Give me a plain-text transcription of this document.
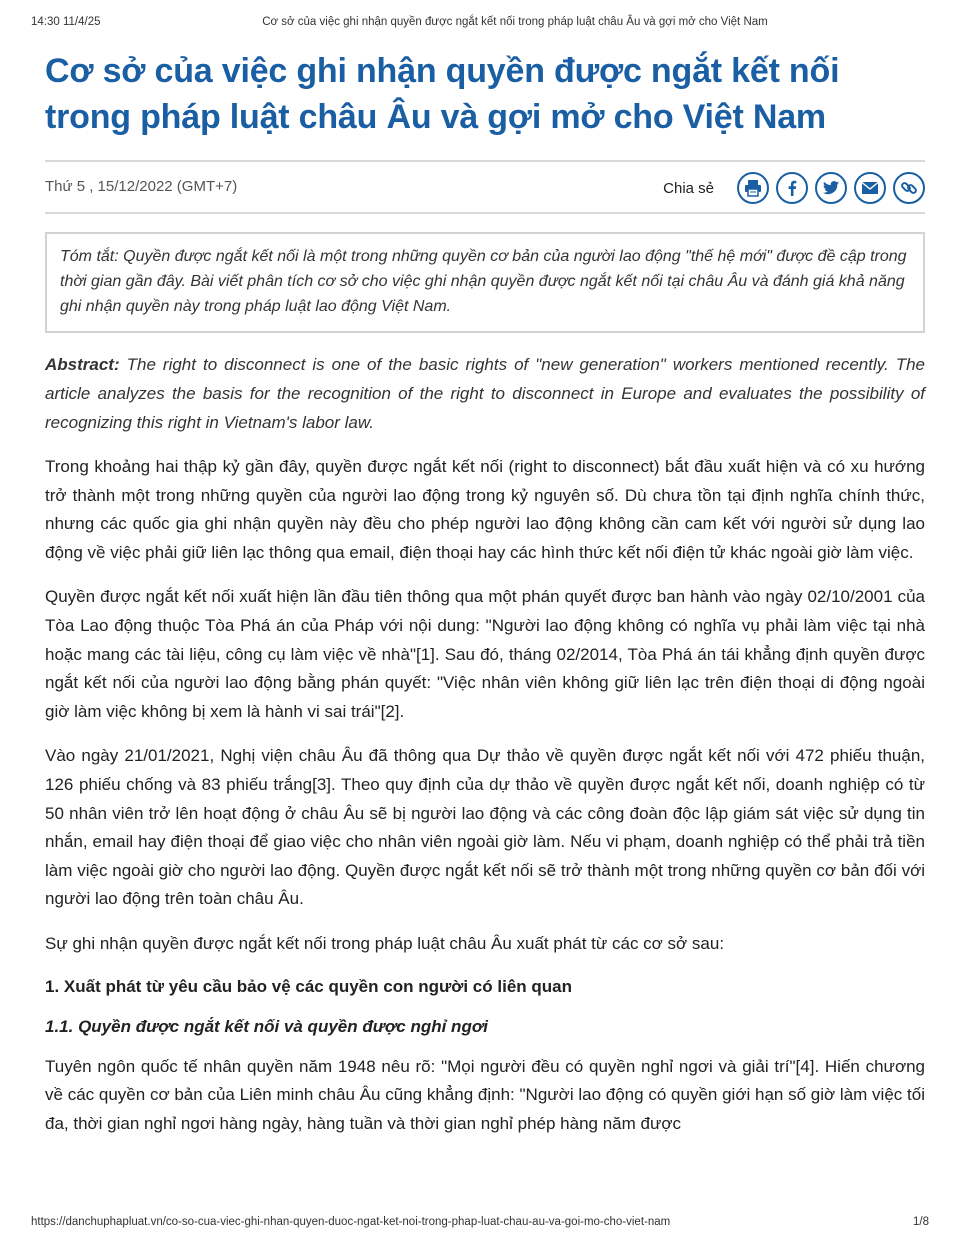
14:30 11/4/25	Cơ sở của việc ghi nhận quyền được ngắt kết nối trong pháp luật châu Âu và gợi mở cho Việt Nam
Cơ sở của việc ghi nhận quyền được ngắt kết nối trong pháp luật châu Âu và gợi mở cho Việt Nam
Thứ 5 , 15/12/2022 (GMT+7)	Chia sẻ
Tóm tắt: Quyền được ngắt kết nối là một trong những quyền cơ bản của người lao động "thế hệ mới" được đề cập trong thời gian gần đây. Bài viết phân tích cơ sở cho việc ghi nhận quyền được ngắt kết nối tại châu Âu và đánh giá khả năng ghi nhận quyền này trong pháp luật lao động Việt Nam.

Abstract: The right to disconnect is one of the basic rights of "new generation" workers mentioned recently. The article analyzes the basis for the recognition of the right to disconnect in Europe and evaluates the possibility of recognizing this right in Vietnam's labor law.

Trong khoảng hai thập kỷ gần đây, quyền được ngắt kết nối (right to disconnect) bắt đầu xuất hiện và có xu hướng trở thành một trong những quyền của người lao động trong kỷ nguyên số. Dù chưa tồn tại định nghĩa chính thức, nhưng các quốc gia ghi nhận quyền này đều cho phép người lao động không cần cam kết với người sử dụng lao động về việc phải giữ liên lạc thông qua email, điện thoại hay các hình thức kết nối điện tử khác ngoài giờ làm việc.

Quyền được ngắt kết nối xuất hiện lần đầu tiên thông qua một phán quyết được ban hành vào ngày 02/10/2001 của Tòa Lao động thuộc Tòa Phá án của Pháp với nội dung: "Người lao động không có nghĩa vụ phải làm việc tại nhà hoặc mang các tài liệu, công cụ làm việc về nhà"[1]. Sau đó, tháng 02/2014, Tòa Phá án tái khẳng định quyền được ngắt kết nối của người lao động bằng phán quyết: "Việc nhân viên không giữ liên lạc trên điện thoại di động ngoài giờ làm việc không bị xem là hành vi sai trái"[2].

Vào ngày 21/01/2021, Nghị viện châu Âu đã thông qua Dự thảo về quyền được ngắt kết nối với 472 phiếu thuận, 126 phiếu chống và 83 phiếu trắng[3]. Theo quy định của dự thảo về quyền được ngắt kết nối, doanh nghiệp có từ 50 nhân viên trở lên hoạt động ở châu Âu sẽ bị người lao động và các công đoàn độc lập giám sát việc sử dụng tin nhắn, email hay điện thoại để giao việc cho nhân viên ngoài giờ làm. Nếu vi phạm, doanh nghiệp có thể phải trả tiền làm việc ngoài giờ cho người lao động. Quyền được ngắt kết nối sẽ trở thành một trong những quyền cơ bản đối với người lao động trên toàn châu Âu.

Sự ghi nhận quyền được ngắt kết nối trong pháp luật châu Âu xuất phát từ các cơ sở sau:

1. Xuất phát từ yêu cầu bảo vệ các quyền con người có liên quan
1.1. Quyền được ngắt kết nối và quyền được nghỉ ngơi

Tuyên ngôn quốc tế nhân quyền năm 1948 nêu rõ: "Mọi người đều có quyền nghỉ ngơi và giải trí"[4]. Hiến chương về các quyền cơ bản của Liên minh châu Âu cũng khẳng định: "Người lao động có quyền giới hạn số giờ làm việc tối đa, thời gian nghỉ ngơi hàng ngày, hàng tuần và thời gian nghỉ phép hàng năm được

https://danchuphapluat.vn/co-so-cua-viec-ghi-nhan-quyen-duoc-ngat-ket-noi-trong-phap-luat-chau-au-va-goi-mo-cho-viet-nam	1/8
